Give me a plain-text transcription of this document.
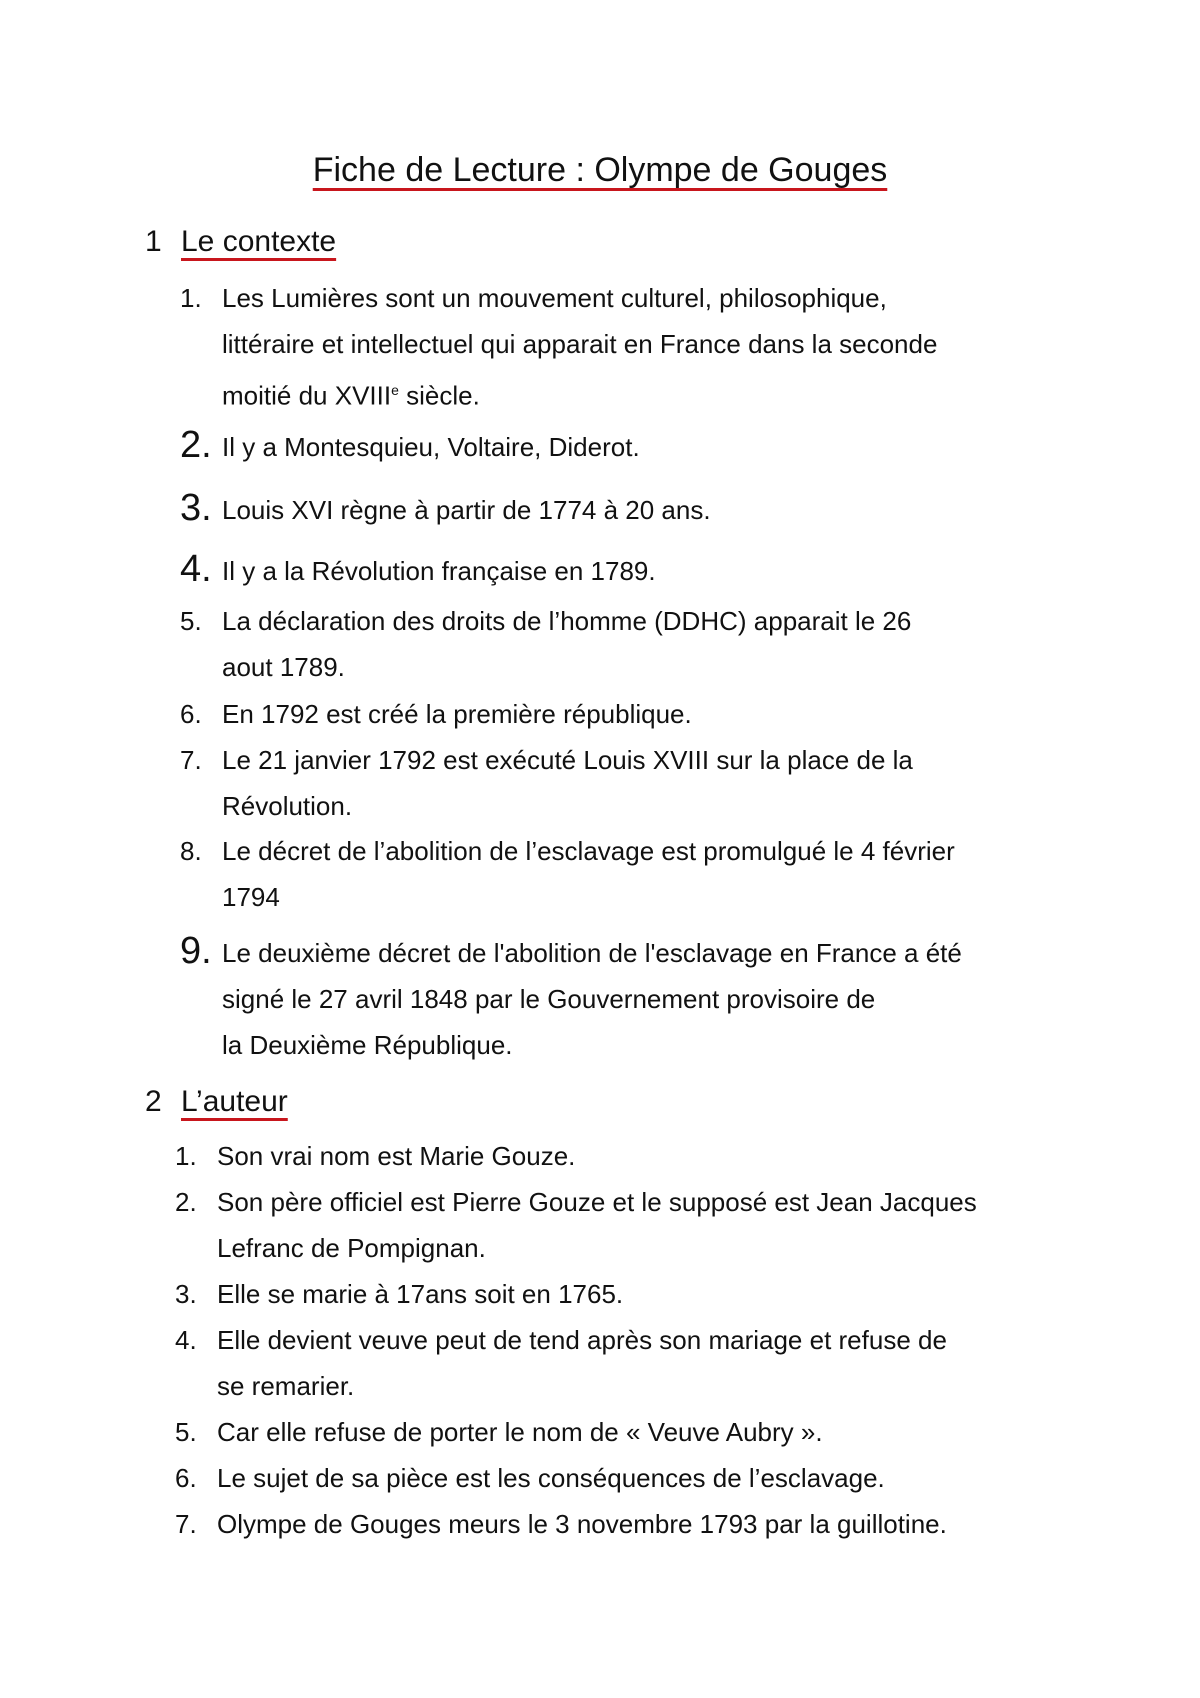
Fiche de Lecture : Olympe de Gouges
1 Le contexte
1. Les Lumières sont un mouvement culturel, philosophique,
littéraire et intellectuel qui apparait en France dans la seconde
moitié du XVIIIe siècle.
2. Il y a Montesquieu, Voltaire, Diderot.
3. Louis XVI règne à partir de 1774 à 20 ans.
4. Il y a la Révolution française en 1789.
5. La déclaration des droits de l’homme (DDHC) apparait le 26
aout 1789.
6. En 1792 est créé la première république.
7. Le 21 janvier 1792 est exécuté Louis XVIII sur la place de la
Révolution.
8. Le décret de l’abolition de l’esclavage est promulgué le 4 février
1794
9. Le deuxième décret de l'abolition de l'esclavage en France a été
signé le 27 avril 1848 par le Gouvernement provisoire de
la Deuxième République.
2 L’auteur
1. Son vrai nom est Marie Gouze.
2. Son père officiel est Pierre Gouze et le supposé est Jean Jacques
Lefranc de Pompignan.
3. Elle se marie à 17ans soit en 1765.
4. Elle devient veuve peut de tend après son mariage et refuse de
se remarier.
5. Car elle refuse de porter le nom de « Veuve Aubry ».
6. Le sujet de sa pièce est les conséquences de l’esclavage.
7. Olympe de Gouges meurs le 3 novembre 1793 par la guillotine.
